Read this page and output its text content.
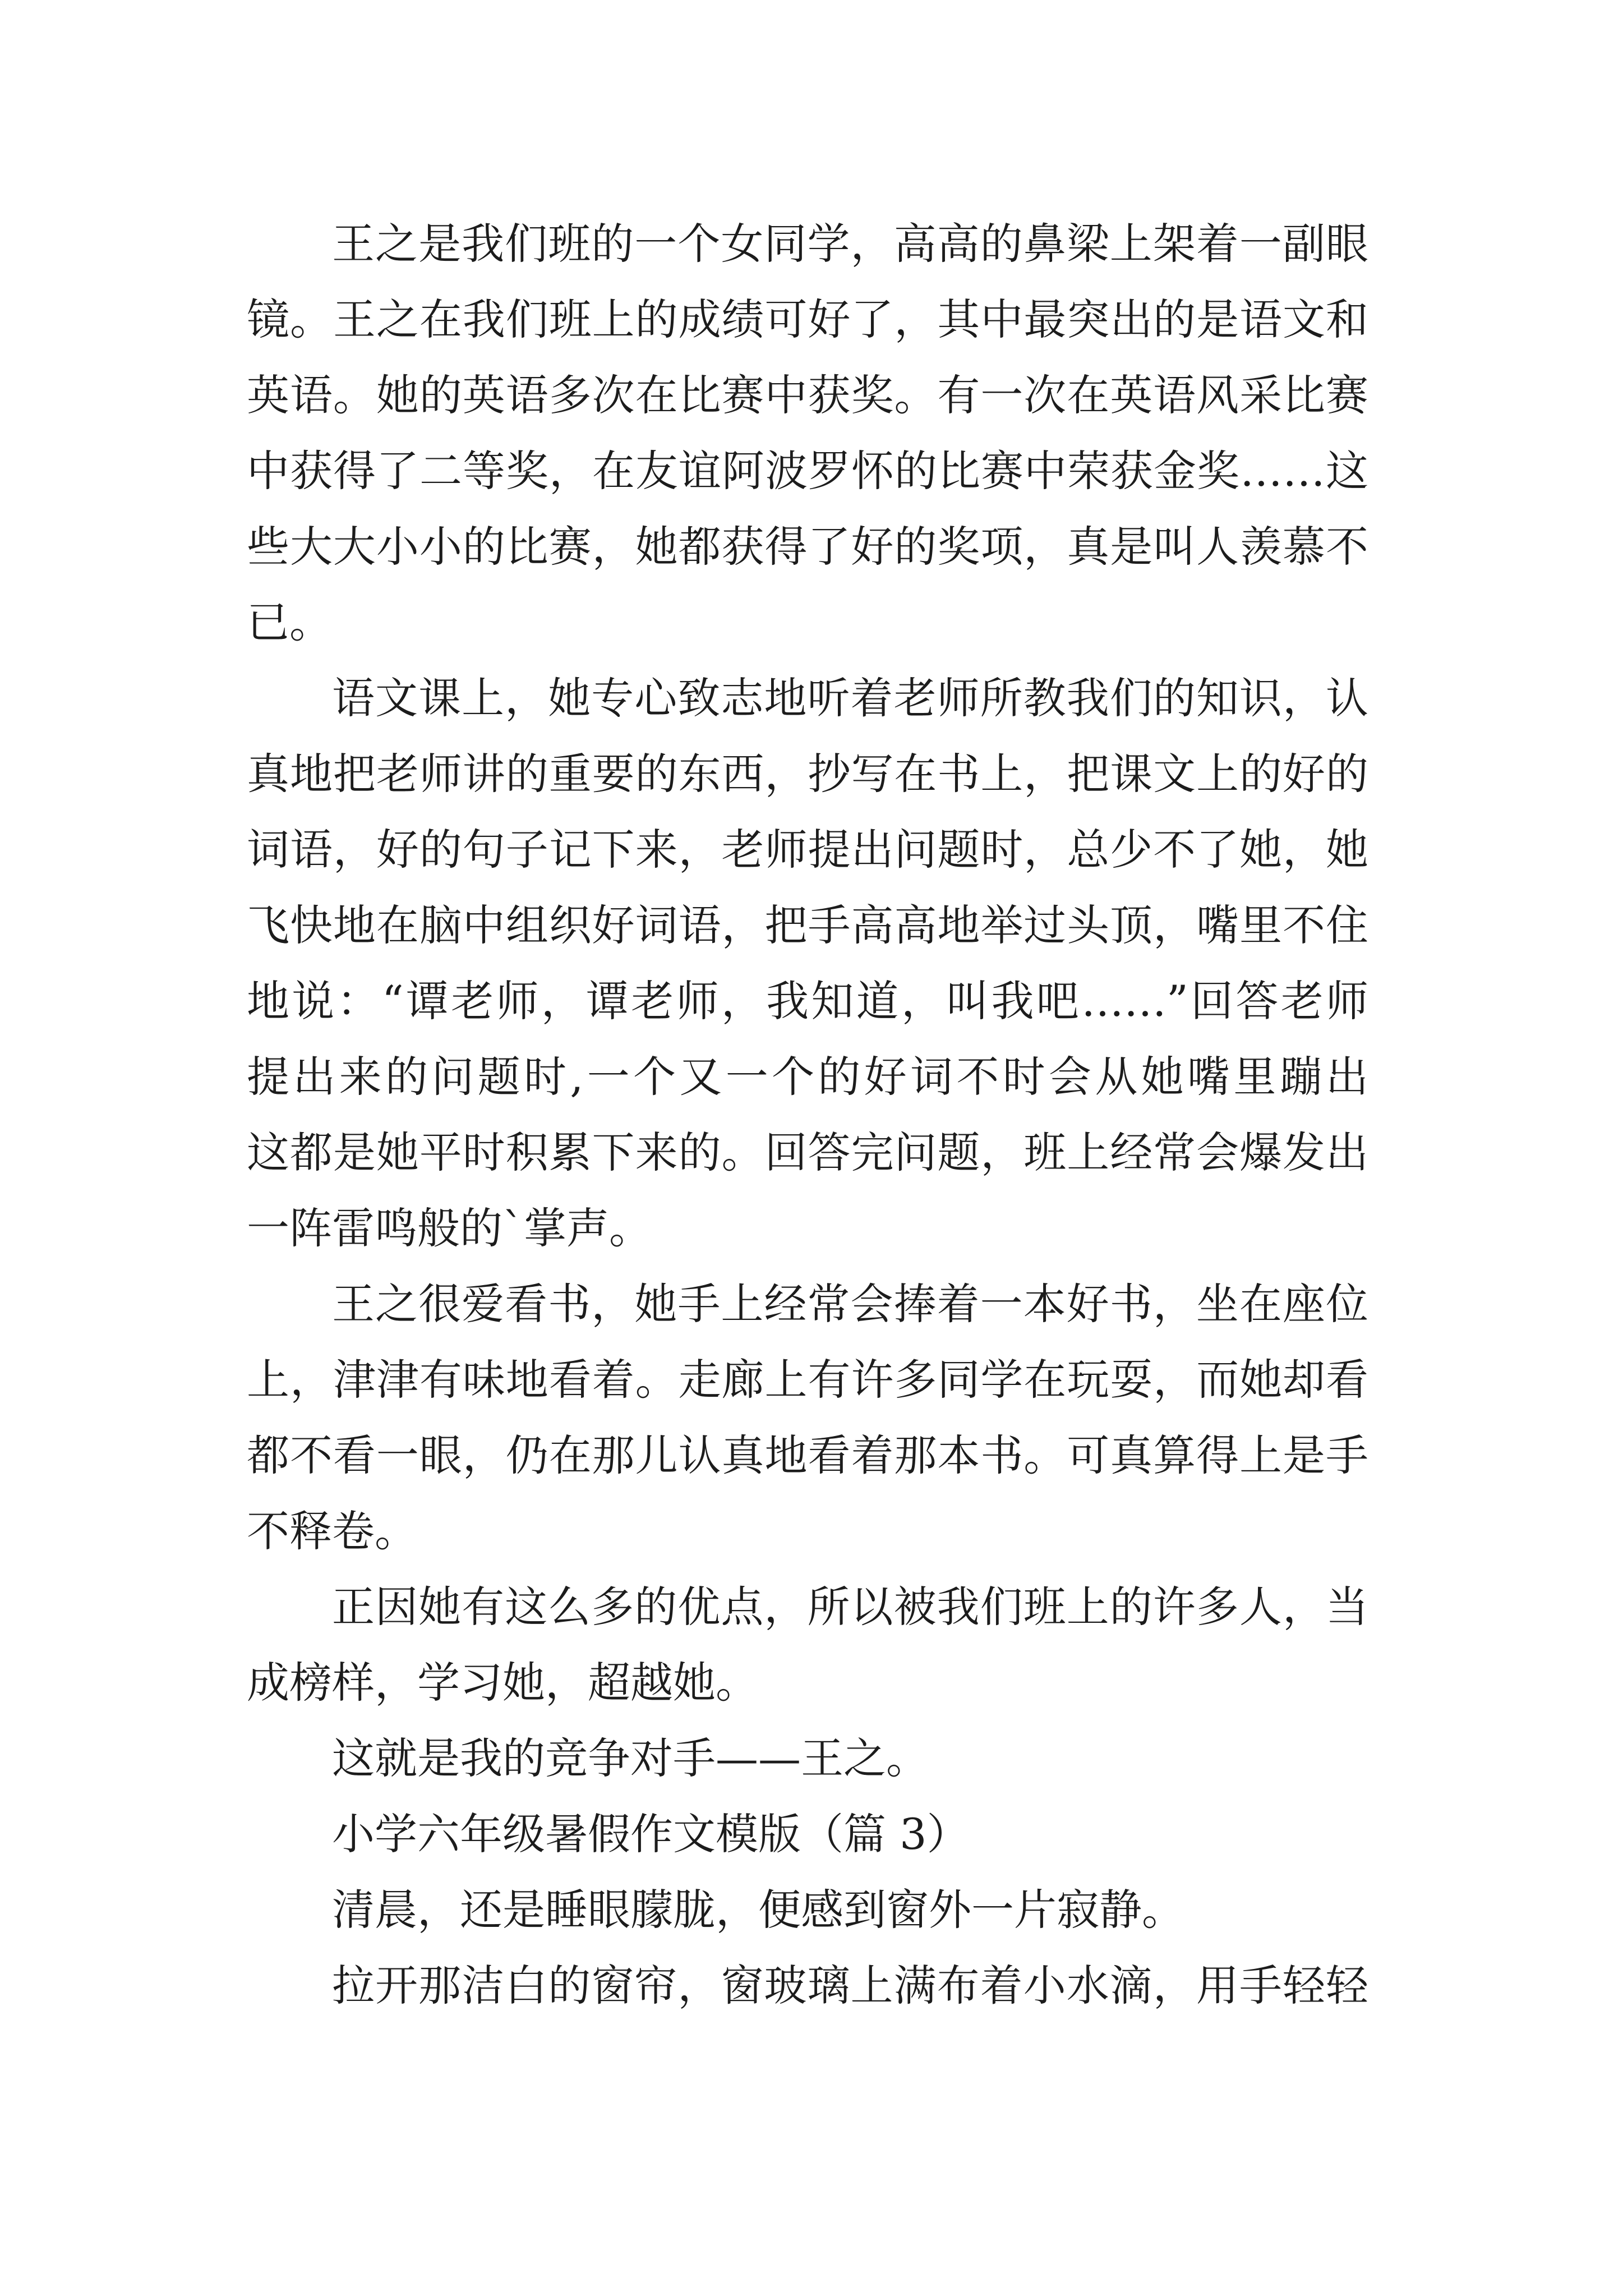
王之是我们班的一个女同学，高高的鼻梁上架着一副眼
镜。王之在我们班上的成绩可好了，其中最突出的是语文和
英语。她的英语多次在比赛中获奖。有一次在英语风采比赛
中获得了二等奖，在友谊阿波罗怀的比赛中荣获金奖……这
些大大小小的比赛，她都获得了好的奖项，真是叫人羡慕不
已。
语文课上，她专心致志地听着老师所教我们的知识，认
真地把老师讲的重要的东西，抄写在书上，把课文上的好的
词语，好的句子记下来，老师提出问题时，总少不了她，她
飞快地在脑中组织好词语，把手高高地举过头顶，嘴里不住
地说：“谭老师，谭老师，我知道，叫我吧……”回答老师
提出来的问题时,一个又一个的好词不时会从她嘴里蹦出
这都是她平时积累下来的。回答完问题，班上经常会爆发出
一阵雷鸣般的`掌声。
王之很爱看书，她手上经常会捧着一本好书，坐在座位
上，津津有味地看着。走廊上有许多同学在玩耍，而她却看
都不看一眼，仍在那儿认真地看着那本书。可真算得上是手
不释卷。
正因她有这么多的优点，所以被我们班上的许多人，当
成榜样，学习她，超越她。
这就是我的竞争对手——王之。
小学六年级暑假作文模版（篇 3）
清晨，还是睡眼朦胧，便感到窗外一片寂静。
拉开那洁白的窗帘，窗玻璃上满布着小水滴，用手轻轻
